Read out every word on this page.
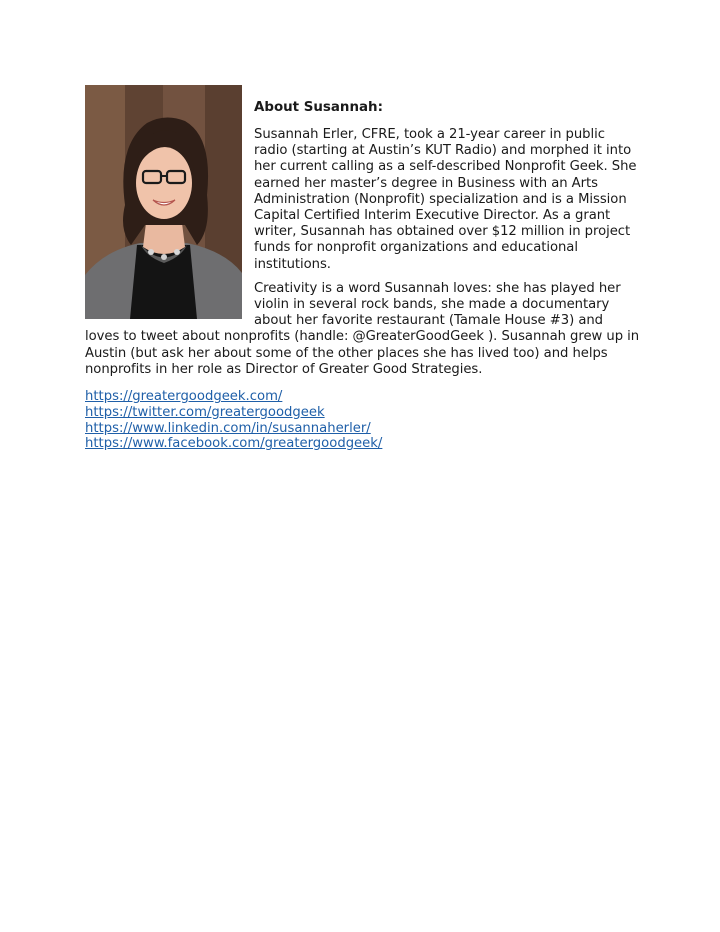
About Susannah:

Susannah Erler, CFRE, took a 21-year career in public radio (starting at Austin’s KUT Radio) and morphed it into her current calling as a self-described Nonprofit Geek. She earned her master’s degree in Business with an Arts Administration (Nonprofit) specialization and is a Mission Capital Certified Interim Executive Director. As a grant writer, Susannah has obtained over $12 million in project funds for nonprofit organizations and educational institutions.

Creativity is a word Susannah loves: she has played her violin in several rock bands, she made a documentary about her favorite restaurant (Tamale House #3) and loves to tweet about nonprofits (handle: @GreaterGoodGeek ). Susannah grew up in Austin (but ask her about some of the other places she has lived too) and helps nonprofits in her role as Director of Greater Good Strategies.

https://greatergoodgeek.com/
https://twitter.com/greatergoodgeek
https://www.linkedin.com/in/susannaherler/
https://www.facebook.com/greatergoodgeek/
